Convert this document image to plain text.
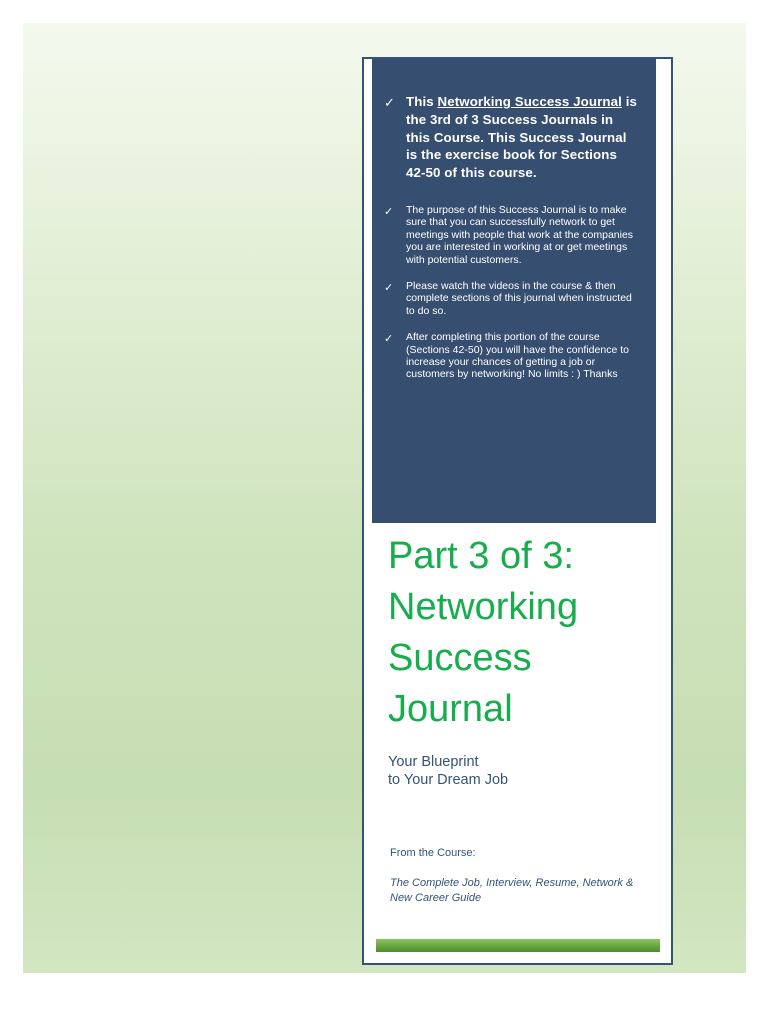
✓ This Networking Success Journal is the 3rd of 3 Success Journals in this Course. This Success Journal is the exercise book for Sections 42-50 of this course.
✓	The purpose of this Success Journal is to make sure that you can successfully network to get meetings with people that work at the companies you are interested in working at or get meetings with potential customers.
✓	Please watch the videos in the course & then complete sections of this journal when instructed to do so.
✓	After completing this portion of the course (Sections 42-50) you will have the confidence to increase your chances of getting a job or customers by networking! No limits : ) Thanks
Part 3 of 3: Networking Success Journal

Your Blueprint
to Your Dream Job

From the Course:

The Complete Job, Interview, Resume, Network & New Career Guide
